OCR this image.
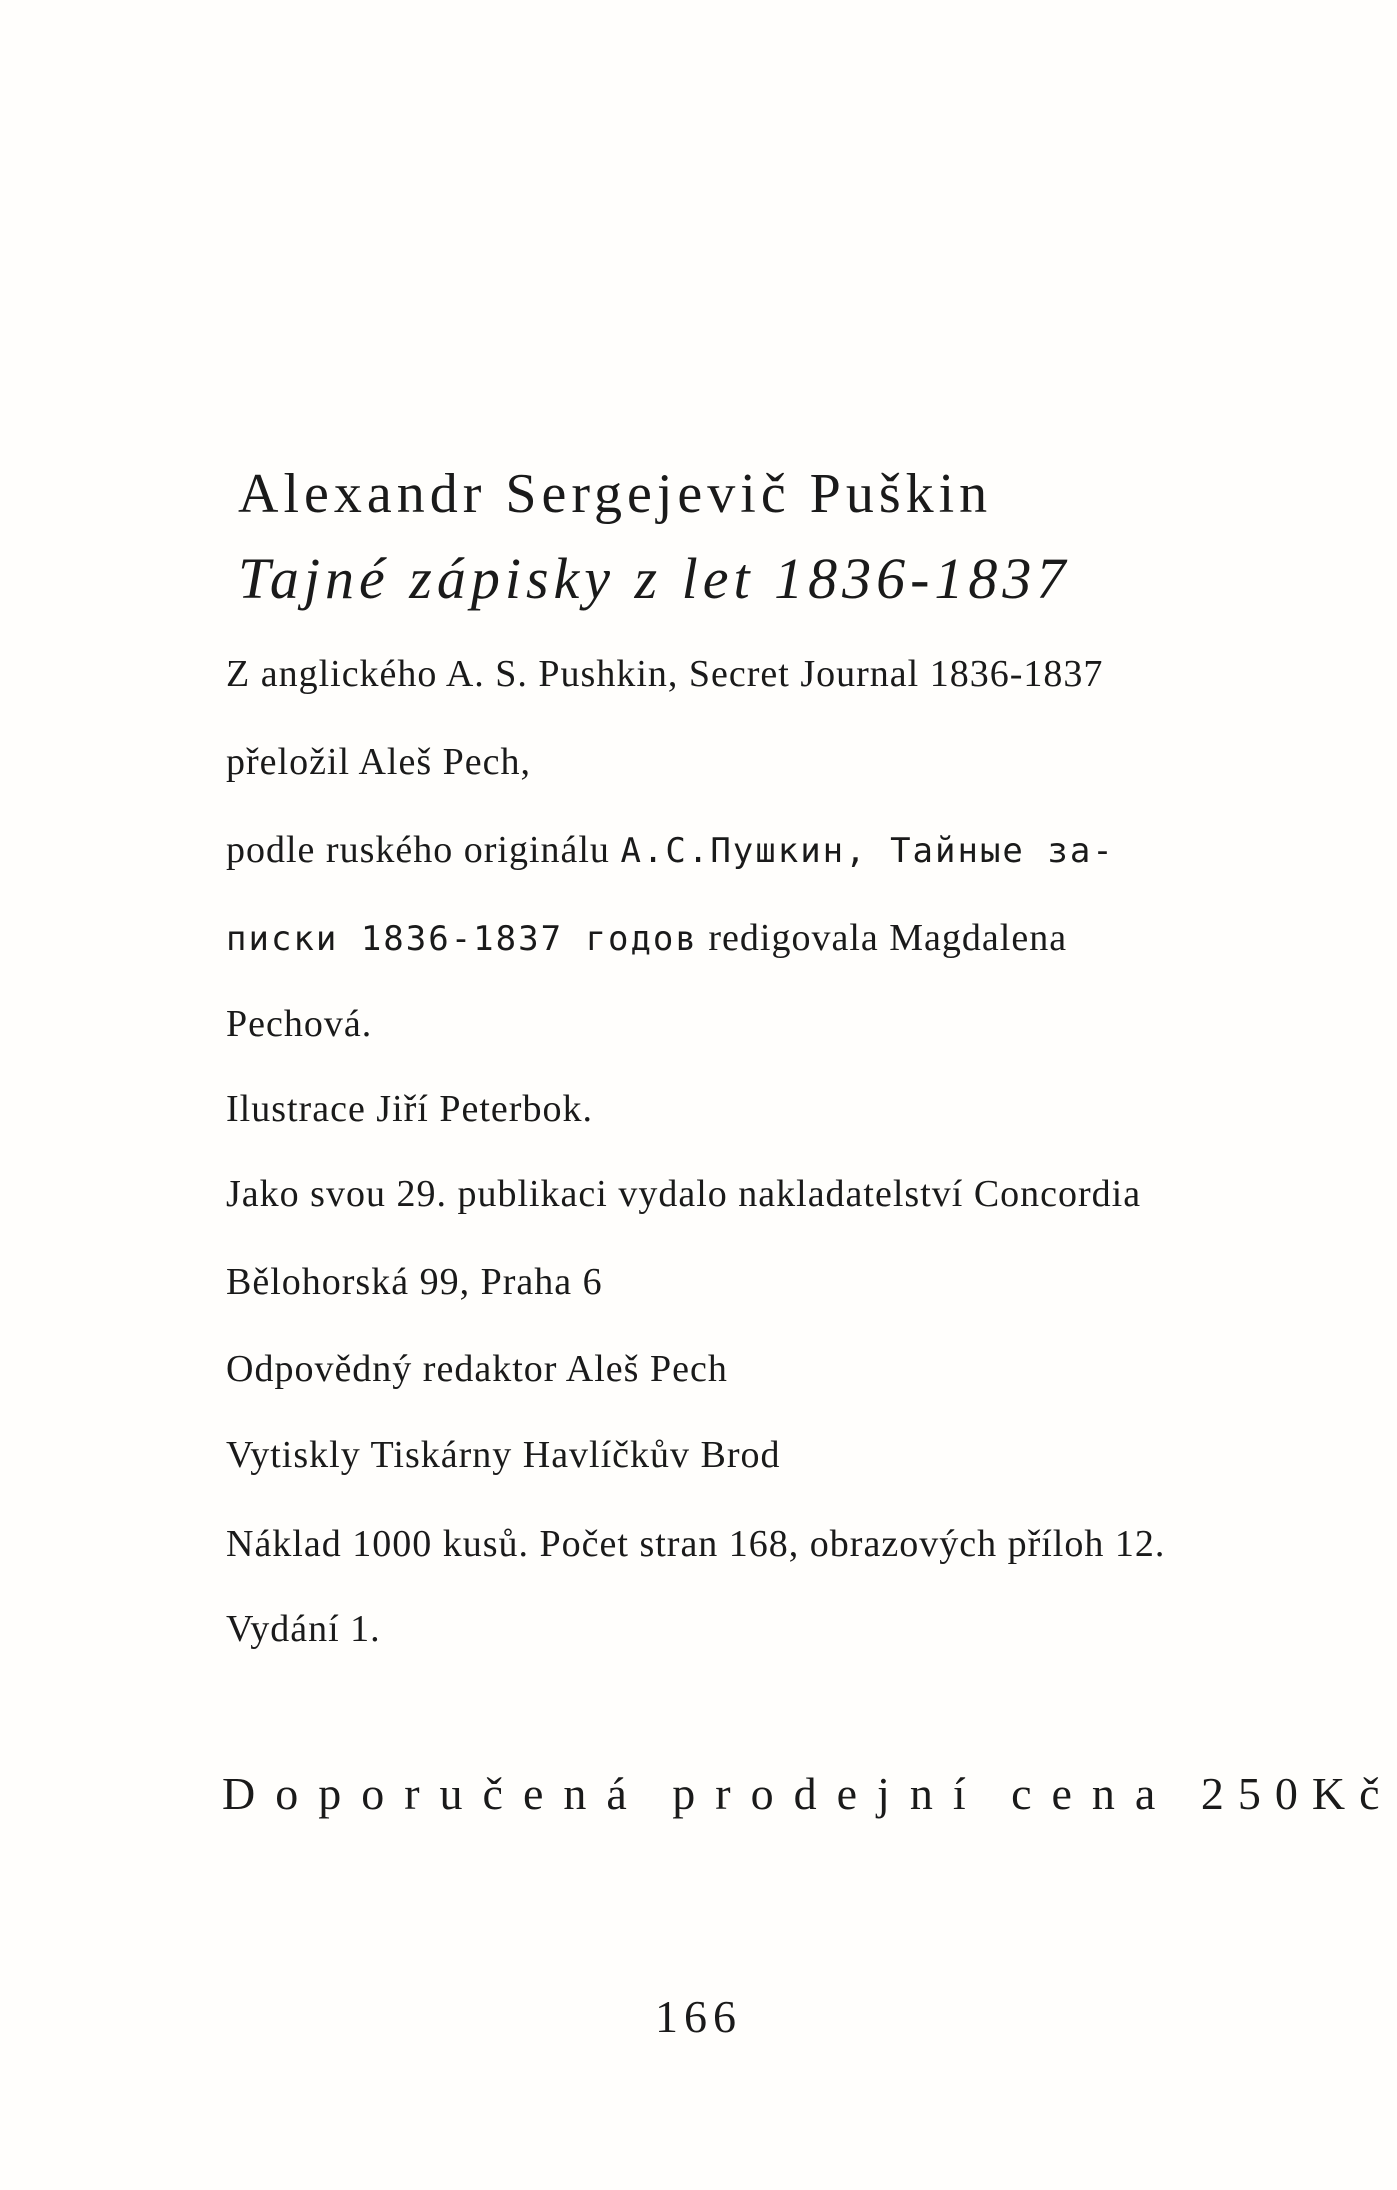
Alexandr Sergejevič Puškin
Tajné zápisky z let 1836-1837
Z anglického A. S. Pushkin, Secret Journal 1836-1837
přeložil Aleš Pech,
podle ruského originálu А.С.Пушкин, Тайные за-
писки 1836-1837 годов redigovala Magdalena
Pechová.
Ilustrace Jiří Peterbok.
Jako svou 29. publikaci vydalo nakladatelství Concordia
Bělohorská 99, Praha 6
Odpovědný redaktor Aleš Pech
Vytiskly Tiskárny Havlíčkův Brod
Náklad 1000 kusů. Počet stran 168, obrazových příloh 12.
Vydání 1.
Doporučená prodejní cena 250Kč
166
